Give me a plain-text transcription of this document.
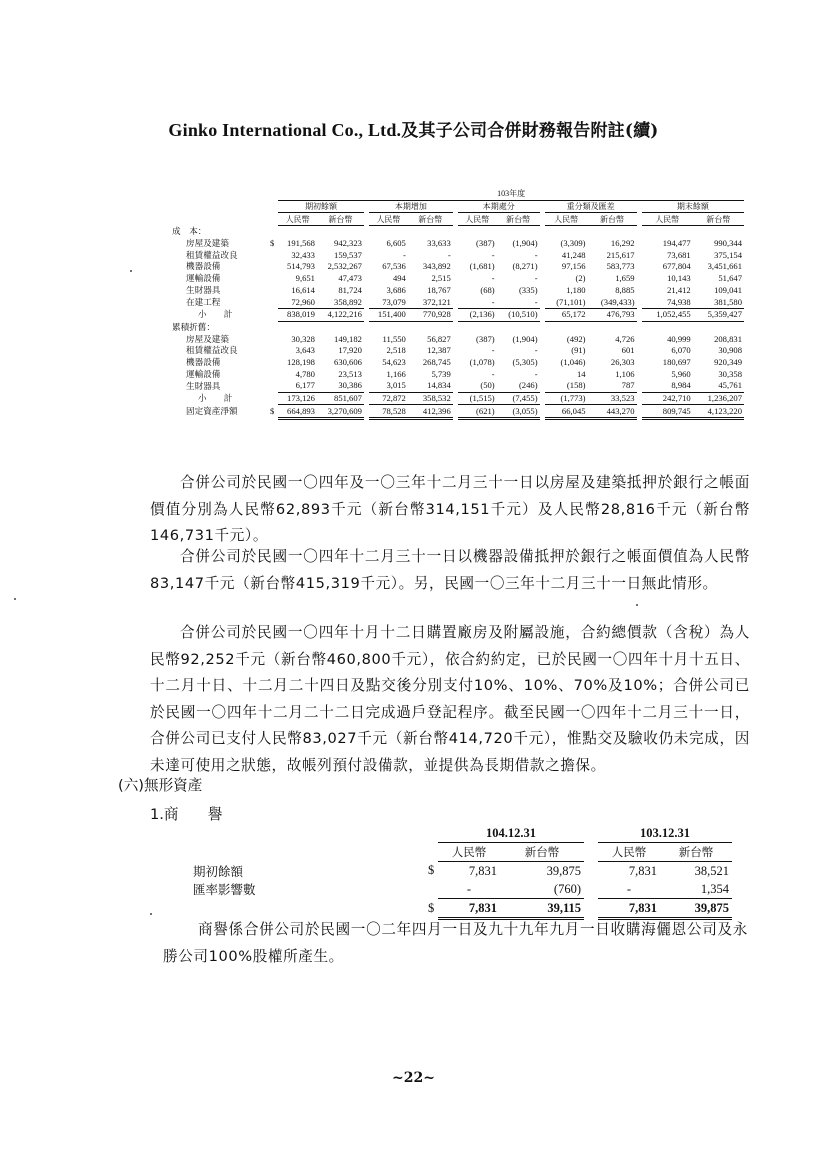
Ginko International Co., Ltd.及其子公司合併財務報告附註(續)
		103年度													
		期初餘額			本期增加			本期處分			重分類及匯差			期末餘額	
		人民幣	新台幣		人民幣	新台幣		人民幣	新台幣		人民幣	新台幣		人民幣	新台幣
成　本：															
房屋及建築	$	191,568	942,323		6,605	33,633		(387)	(1,904)		(3,309)	16,292		194,477	990,344
租賃權益改良		32,433	159,537		-	-		-	-		41,248	215,617		73,681	375,154
機器設備		514,793	2,532,267		67,536	343,892		(1,681)	(8,271)		97,156	583,773		677,804	3,451,661
運輸設備		9,651	47,473		494	2,515		-	-		(2)	1,659		10,143	51,647
生財器具		16,614	81,724		3,686	18,767		(68)	(335)		1,180	8,885		21,412	109,041
在建工程		72,960	358,892		73,079	372,121		-	-		(71,101)	(349,433)		74,938	381,580
小　　計		838,019	4,122,216		151,400	770,928		(2,136)	(10,510)		65,172	476,793		1,052,455	5,359,427
累積折舊：															
房屋及建築		30,328	149,182		11,550	56,827		(387)	(1,904)		(492)	4,726		40,999	208,831
租賃權益改良		3,643	17,920		2,518	12,387		-	-		(91)	601		6,070	30,908
機器設備		128,198	630,606		54,623	268,745		(1,078)	(5,305)		(1,046)	26,303		180,697	920,349
運輸設備		4,780	23,513		1,166	5,739		-	-		14	1,106		5,960	30,358
生財器具		6,177	30,386		3,015	14,834		(50)	(246)		(158)	787		8,984	45,761
小　　計		173,126	851,607		72,872	358,532		(1,515)	(7,455)		(1,773)	33,523		242,710	1,236,207
固定資產淨額	$	664,893	3,270,609		78,528	412,396		(621)	(3,055)		66,045	443,270		809,745	4,123,220

合併公司於民國一〇四年及一〇三年十二月三十一日以房屋及建築抵押於銀行之帳面價值分別為人民幣62,893千元（新台幣314,151千元）及人民幣28,816千元（新台幣146,731千元）。

合併公司於民國一〇四年十二月三十一日以機器設備抵押於銀行之帳面價值為人民幣83,147千元（新台幣415,319千元）。另，民國一〇三年十二月三十一日無此情形。

合併公司於民國一〇四年十月十二日購置廠房及附屬設施，合約總價款（含稅）為人民幣92,252千元（新台幣460,800千元），依合約約定，已於民國一〇四年十月十五日、十二月十日、十二月二十四日及點交後分別支付10%、10%、70%及10%；合併公司已於民國一〇四年十二月二十二日完成過戶登記程序。截至民國一〇四年十二月三十一日，合併公司已支付人民幣83,027千元（新台幣414,720千元），惟點交及驗收仍未完成，因未達可使用之狀態，故帳列預付設備款，並提供為長期借款之擔保。

(六)無形資產
1.商　　譽
		104.12.31			103.12.31	
		人民幣	新台幣		人民幣	新台幣
期初餘額	$	7,831	39,875		7,831	38,521
匯率影響數		-	(760)		-	1,354
	$	7,831	39,115		7,831	39,875

商譽係合併公司於民國一〇二年四月一日及九十九年九月一日收購海儷恩公司及永勝公司100%股權所產生。

~22~
